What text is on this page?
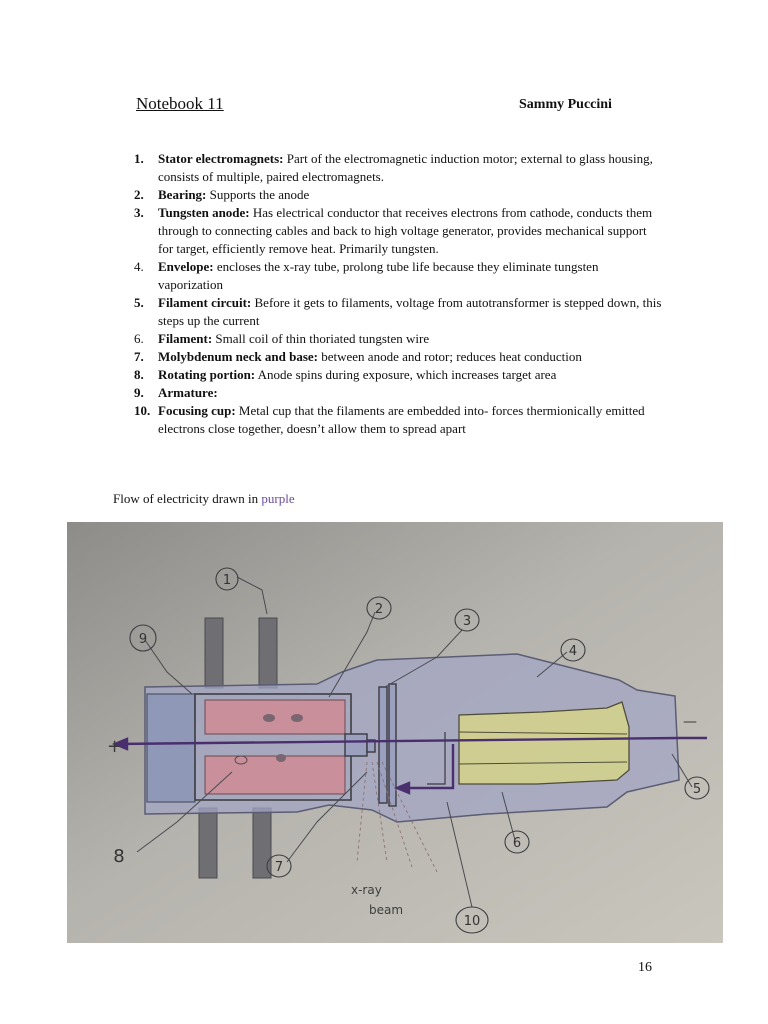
Notebook 11	Sammy Puccini
1.	Stator electromagnets: Part of the electromagnetic induction motor; external to glass housing, consists of multiple, paired electromagnets.
2.	Bearing: Supports the anode
3.	Tungsten anode: Has electrical conductor that receives electrons from cathode, conducts them through to connecting cables and back to high voltage generator, provides mechanical support for target, efficiently remove heat. Primarily tungsten.
4.	Envelope: encloses the x-ray tube, prolong tube life because they eliminate tungsten vaporization
5.	Filament circuit: Before it gets to filaments, voltage from autotransformer is stepped down, this steps up the current
6.	Filament: Small coil of thin thoriated tungsten wire
7.	Molybdenum neck and base: between anode and rotor; reduces heat conduction
8.	Rotating portion: Anode spins during exposure, which increases target area
9.	Armature:
10. Focusing cup: Metal cup that the filaments are embedded into- forces thermionically emitted electrons close together, doesn’t allow them to spread apart
Flow of electricity drawn in purple
1
2
3
4
5
6
7
8
9
10
+
—
x-ray
beam
16
